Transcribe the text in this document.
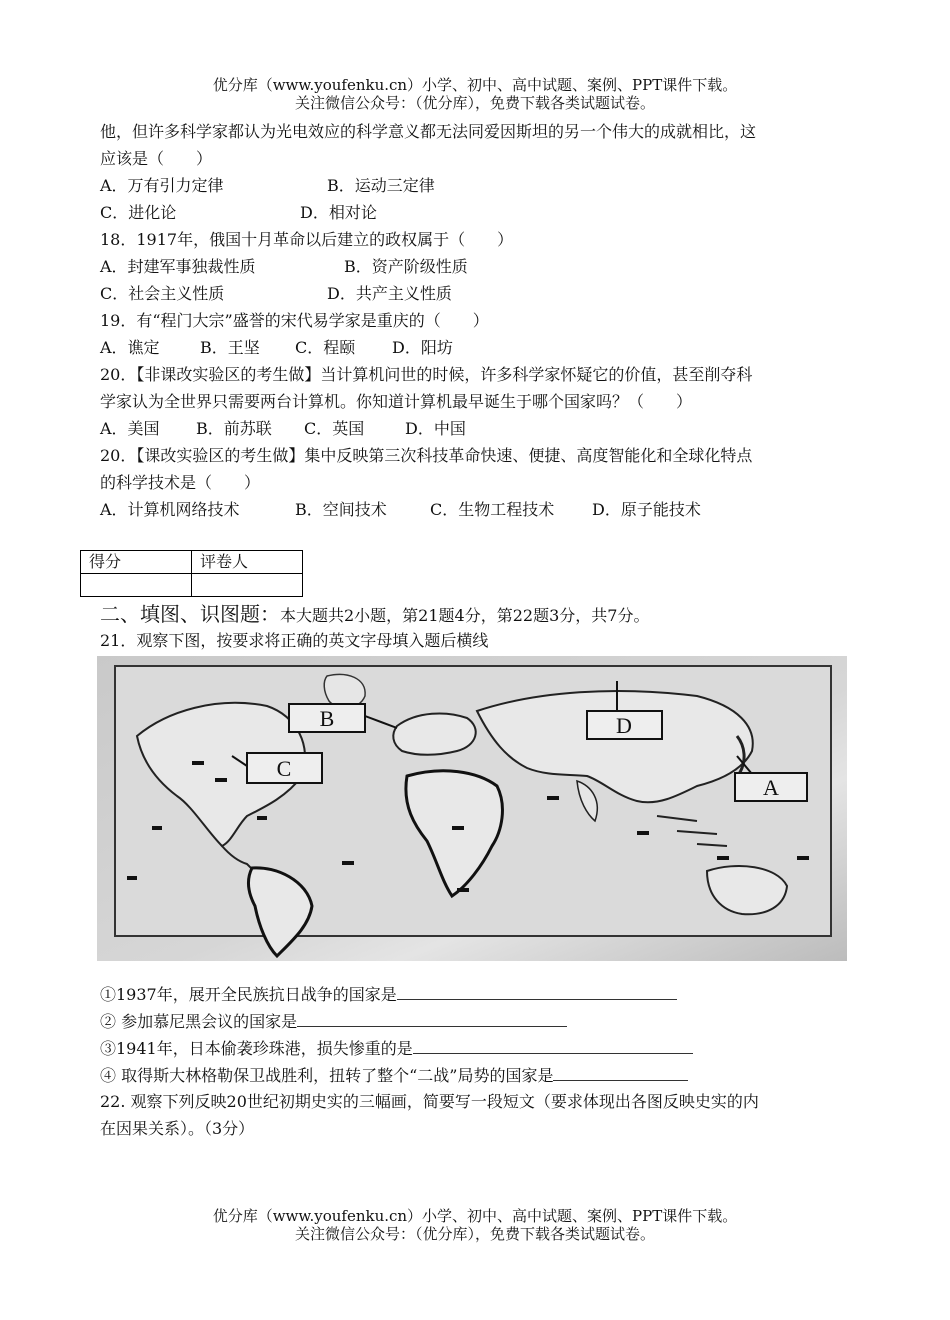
优分库（www.youfenku.cn）小学、初中、高中试题、案例、PPT课件下载。
关注微信公众号：（优分库），免费下载各类试题试卷。
他，但许多科学家都认为光电效应的科学意义都无法同爱因斯坦的另一个伟大的成就相比，这
应该是（　　）
A．万有引力定律	B．运动三定律
C．进化论	D．相对论
18．1917年，俄国十月革命以后建立的政权属于（　　）
A．封建军事独裁性质	B．资产阶级性质
C．社会主义性质	D．共产主义性质
19．有“程门大宗”盛誉的宋代易学家是重庆的（　　）
A．谯定	B．王坚 C．程颐 D．阳坊
20．【非课改实验区的考生做】当计算机问世的时候，许多科学家怀疑它的价值，甚至削夺科
学家认为全世界只需要两台计算机。你知道计算机最早诞生于哪个国家吗？（　　）
A．美国 B．前苏联 C．英国	D．中国
20．【课改实验区的考生做】集中反映第三次科技革命快速、便捷、高度智能化和全球化特点
的科学技术是（　　）
A．计算机网络技术	B．空间技术	C．生物工程技术 D．原子能技术
得分	评卷人

二、填图、识图题：本大题共2小题，第21题4分，第22题3分，共7分。
21．观察下图，按要求将正确的英文字母填入题后横线
B
C
D
A
①1937年，展开全民族抗日战争的国家是
② 参加慕尼黑会议的国家是
③1941年，日本偷袭珍珠港，损失惨重的是
④ 取得斯大林格勒保卫战胜利，扭转了整个“二战”局势的国家是
22. 观察下列反映20世纪初期史实的三幅画，简要写一段短文（要求体现出各图反映史实的内
在因果关系）。（3分）
优分库（www.youfenku.cn）小学、初中、高中试题、案例、PPT课件下载。
关注微信公众号：（优分库），免费下载各类试题试卷。
